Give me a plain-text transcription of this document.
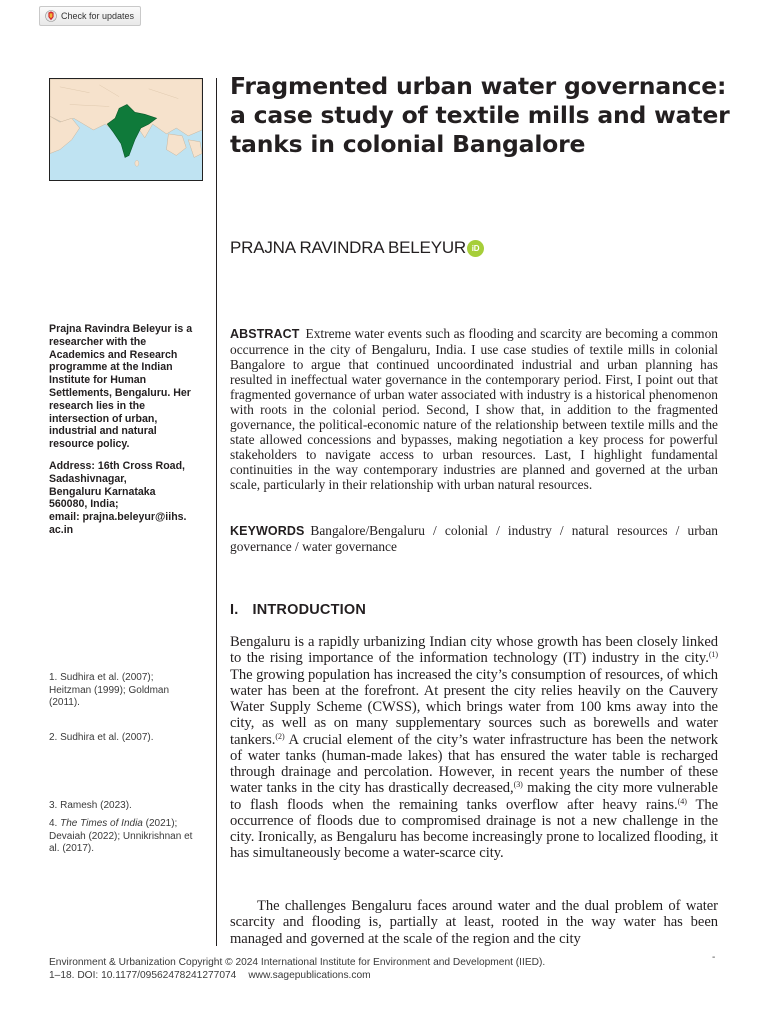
Check for updates
Fragmented urban water governance: a case study of textile mills and water tanks in colonial Bangalore
PRAJNA RAVINDRA BELEYUR iD

Prajna Ravindra Beleyur is a researcher with the Academics and Research programme at the Indian Institute for Human Settlements, Bengaluru. Her research lies in the intersection of urban, industrial and natural resource policy.

Address: 16th Cross Road,
Sadashivnagar,
Bengaluru Karnataka
560080, India;
email: prajna.beleyur@iihs.
ac.in

1. Sudhira et al. (2007); Heitzman (1999); Goldman (2011).

2. Sudhira et al. (2007).

3. Ramesh (2023).

4. The Times of India (2021); Devaiah (2022); Unnikrishnan et al. (2017).

ABSTRACT Extreme water events such as flooding and scarcity are becoming a common occurrence in the city of Bengaluru, India. I use case studies of textile mills in colonial Bangalore to argue that continued uncoordinated industrial and urban planning has resulted in ineffectual water governance in the contemporary period. First, I point out that fragmented governance of urban water associated with industry is a historical phenomenon with roots in the colonial period. Second, I show that, in addition to the fragmented governance, the political-economic nature of the relationship between textile mills and the state allowed concessions and bypasses, making negotiation a key process for powerful stakeholders to navigate access to urban resources. Last, I highlight fundamental continuities in the way contemporary industries are planned and governed at the urban scale, particularly in their relationship with urban natural resources.

KEYWORDS Bangalore/Bengaluru / colonial / industry / natural resources / urban governance / water governance

I. INTRODUCTION

Bengaluru is a rapidly urbanizing Indian city whose growth has been closely linked to the rising importance of the information technology (IT) industry in the city.$^{(1)}$ The growing population has increased the city’s consumption of resources, of which water has been at the forefront. At present the city relies heavily on the Cauvery Water Supply Scheme (CWSS), which brings water from 100 kms away into the city, as well as on many supplementary sources such as borewells and water tankers.$^{(2)}$ A crucial element of the city’s water infrastructure has been the network of water tanks (human-made lakes) that has ensured the water table is recharged through drainage and percolation. However, in recent years the number of these water tanks in the city has drastically decreased,$^{(3)}$ making the city more vulnerable to flash floods when the remaining tanks overflow after heavy rains.$^{(4)}$ The occurrence of floods due to compromised drainage is not a new challenge in the city. Ironically, as Bengaluru has become increasingly prone to localized flooding, it has simultaneously become a water-scarce city.

The challenges Bengaluru faces around water and the dual problem of water scarcity and flooding is, partially at least, rooted in the way water has been managed and governed at the scale of the region and the city

Environment & Urbanization Copyright © 2024 International Institute for Environment and Development (IIED).
1–18. DOI: 10.1177/09562478241277074 www.sagepublications.com

-
